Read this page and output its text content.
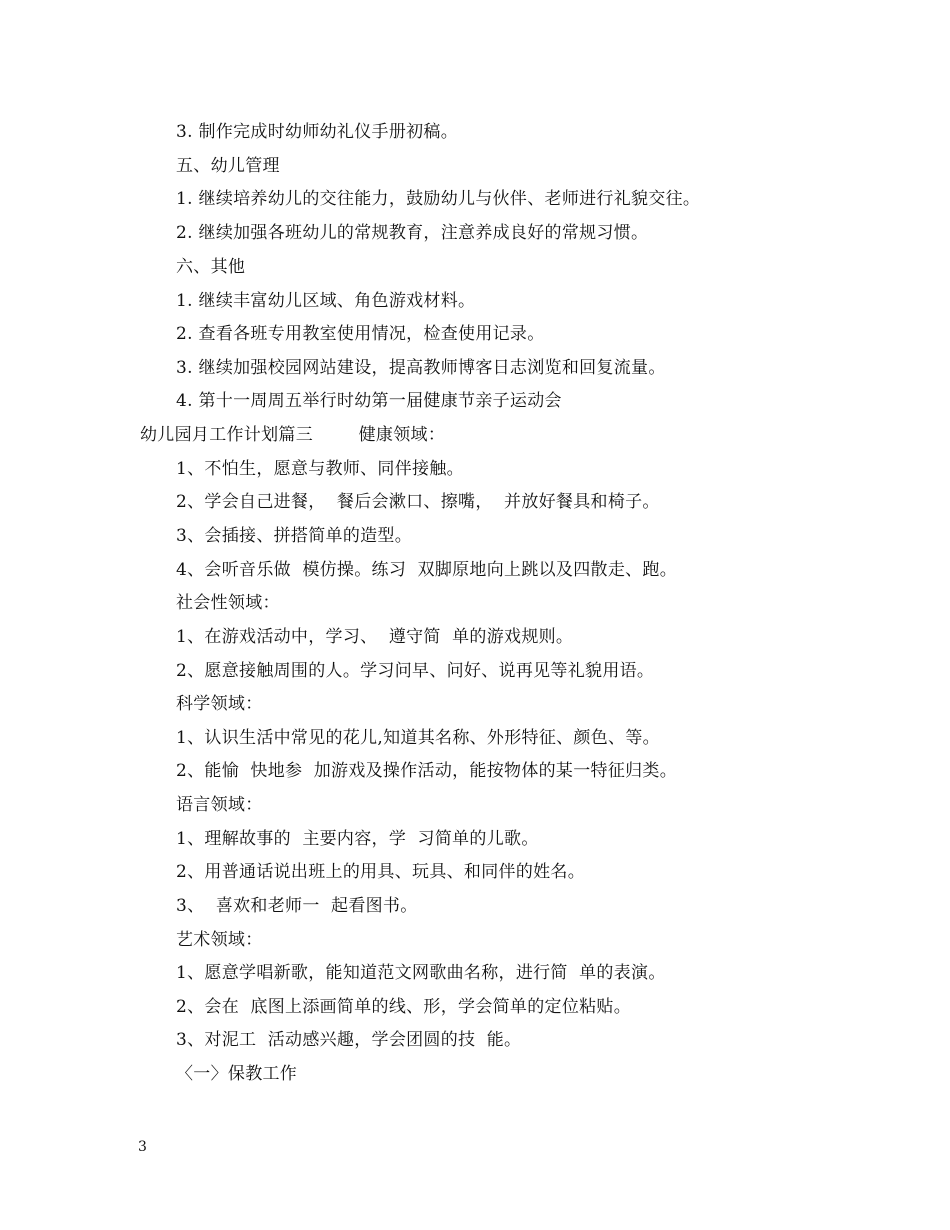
3. 制作完成时幼师幼礼仪手册初稿。
五、幼儿管理
1. 继续培养幼儿的交往能力，鼓励幼儿与伙伴、老师进行礼貌交往。
2. 继续加强各班幼儿的常规教育，注意养成良好的常规习惯。
六、其他
1. 继续丰富幼儿区域、角色游戏材料。
2. 查看各班专用教室使用情况，检查使用记录。
3. 继续加强校园网站建设，提高教师博客日志浏览和回复流量。
4. 第十一周周五举行时幼第一届健康节亲子运动会
幼儿园月工作计划篇三        健康领域：
1、不怕生，愿意与教师、同伴接触。
2、学会自己进餐，  餐后会漱口、擦嘴，  并放好餐具和椅子。
3、会插接、拼搭简单的造型。
4、会听音乐做  模仿操。练习  双脚原地向上跳以及四散走、跑。
社会性领域：
1、在游戏活动中，学习、  遵守简  单的游戏规则。
2、愿意接触周围的人。学习问早、问好、说再见等礼貌用语。
科学领域：
1、认识生活中常见的花儿,知道其名称、外形特征、颜色、等。
2、能愉  快地参  加游戏及操作活动，能按物体的某一特征归类。
语言领域：
1、理解故事的  主要内容，学  习简单的儿歌。
2、用普通话说出班上的用具、玩具、和同伴的姓名。
3、  喜欢和老师一  起看图书。
艺术领域：
1、愿意学唱新歌，能知道范文网歌曲名称，进行简  单的表演。
2、会在  底图上添画简单的线、形，学会简单的定位粘贴。
3、对泥工  活动感兴趣，学会团圆的技  能。
〈一〉保教工作
3
